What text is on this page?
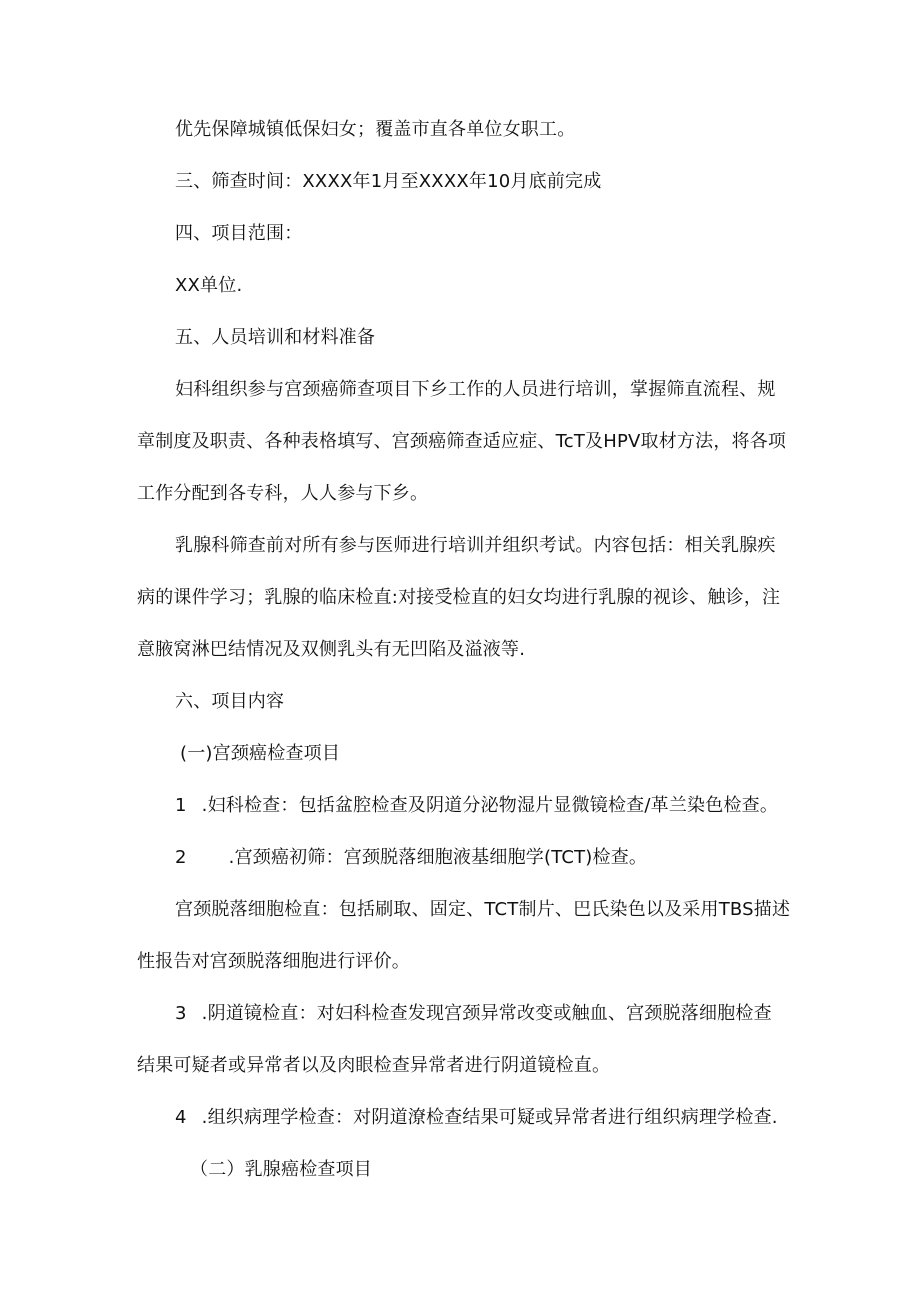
优先保障城镇低保妇女；覆盖市直各单位女职工。

三、筛查时间：XXXX年1月至XXXX年10月底前完成

四、项目范围：

XX单位.

五、人员培训和材料准备

妇科组织参与宫颈癌筛查项目下乡工作的人员进行培训，掌握筛直流程、规

章制度及职责、各种表格填写、宫颈癌筛查适应症、TcT及HPV取材方法，将各项

工作分配到各专科，人人参与下乡。

乳腺科筛查前对所有参与医师进行培训并组织考试。内容包括：相关乳腺疾

病的课件学习；乳腺的临床检直:对接受检直的妇女均进行乳腺的视诊、触诊，注

意腋窝淋巴结情况及双侧乳头有无凹陷及溢液等.

六、项目内容

(一)宫颈癌检查项目

1 .妇科检查：包括盆腔检查及阴道分泌物湿片显微镜检查/革兰染色检查。

2 .宫颈癌初筛：宫颈脱落细胞液基细胞学(TCT)检查。

宫颈脱落细胞检直：包括刷取、固定、TCT制片、巴氏染色以及采用TBS描述

性报告对宫颈脱落细胞进行评价。

3 .阴道镜检直：对妇科检查发现宫颈异常改变或触血、宫颈脱落细胞检查

结果可疑者或异常者以及肉眼检查异常者进行阴道镜检直。

4 .组织病理学检查：对阴道潦检查结果可疑或异常者进行组织病理学检查.

（二）乳腺癌检查项目
